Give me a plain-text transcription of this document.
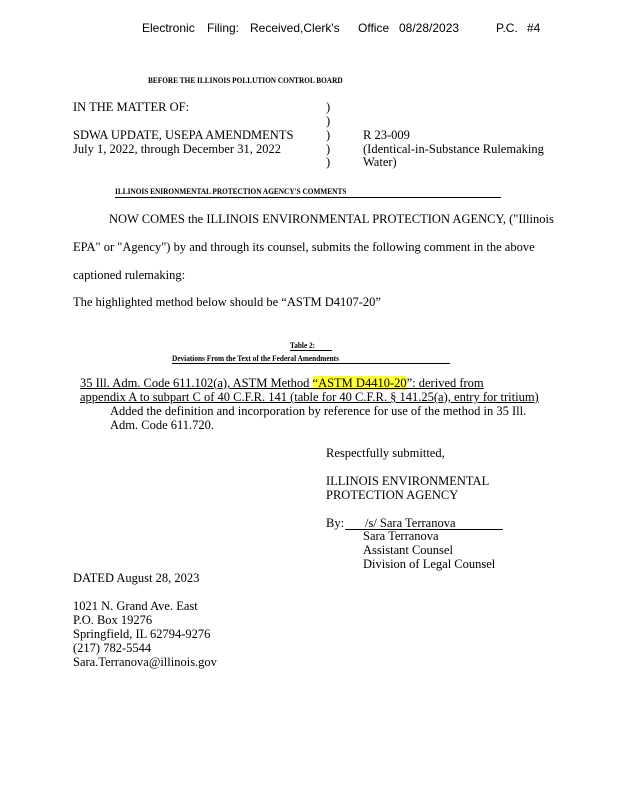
Electronic Filing: Received,Clerk's Office 08/28/2023	P.C. #4
BEFORE THE ILLINOIS POLLUTION CONTROL BOARD
IN THE MATTER OF:	)
)
SDWA UPDATE, USEPA AMENDMENTS	)	R 23-009
July 1, 2022, through December 31, 2022	)	(Identical-in-Substance Rulemaking
)	Water)
ILLINOIS ENIRONMENTAL PROTECTION AGENCY'S COMMENTS
NOW COMES the ILLINOIS ENVIRONMENTAL PROTECTION AGENCY, ("Illinois
EPA" or "Agency") by and through its counsel, submits the following comment in the above
captioned rulemaking:
The highlighted method below should be “ASTM D4107-20”
Table 2:
Deviations From the Text of the Federal Amendments
35 Ill. Adm. Code 611.102(a), ASTM Method “ASTM D4410-20”: derived from
appendix A to subpart C of 40 C.F.R. 141 (table for 40 C.F.R. § 141.25(a), entry for tritium)
Added the definition and incorporation by reference for use of the method in 35 Ill.
Adm. Code 611.720.
Respectfully submitted,
ILLINOIS ENVIRONMENTAL
PROTECTION AGENCY
By: /s/ Sara Terranova
Sara Terranova
Assistant Counsel
Division of Legal Counsel
DATED August 28, 2023
1021 N. Grand Ave. East
P.O. Box 19276
Springfield, IL 62794-9276
(217) 782-5544
Sara.Terranova@illinois.gov
